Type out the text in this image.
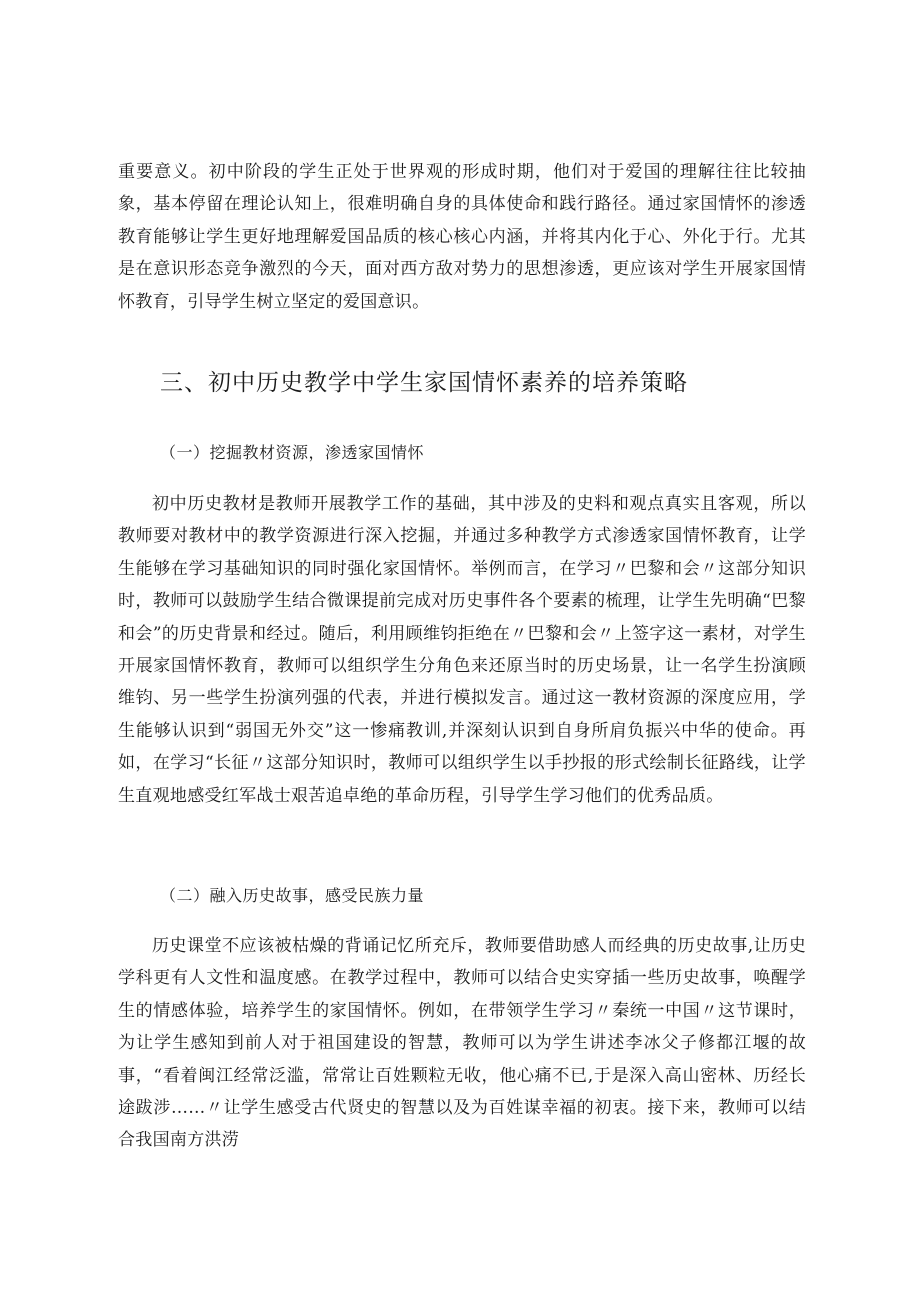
重要意义。初中阶段的学生正处于世界观的形成时期，他们对于爱国的理解往往比较抽象，基本停留在理论认知上，很难明确自身的具体使命和践行路径。通过家国情怀的渗透教育能够让学生更好地理解爱国品质的核心核心内涵，并将其内化于心、外化于行。尤其是在意识形态竞争激烈的今天，面对西方敌对势力的思想渗透，更应该对学生开展家国情怀教育，引导学生树立坚定的爱国意识。

三、初中历史教学中学生家国情怀素养的培养策略

（一）挖掘教材资源，渗透家国情怀

初中历史教材是教师开展教学工作的基础，其中涉及的史料和观点真实且客观，所以教师要对教材中的教学资源进行深入挖掘，并通过多种教学方式渗透家国情怀教育，让学生能够在学习基础知识的同时强化家国情怀。举例而言，在学习〃巴黎和会〃这部分知识时，教师可以鼓励学生结合微课提前完成对历史事件各个要素的梳理，让学生先明确“巴黎和会”的历史背景和经过。随后，利用顾维钧拒绝在〃巴黎和会〃上签字这一素材，对学生开展家国情怀教育，教师可以组织学生分角色来还原当时的历史场景，让一名学生扮演顾维钧、另一些学生扮演列强的代表，并进行模拟发言。通过这一教材资源的深度应用，学生能够认识到“弱国无外交”这一惨痛教训,并深刻认识到自身所肩负振兴中华的使命。再如，在学习“长征〃这部分知识时，教师可以组织学生以手抄报的形式绘制长征路线，让学生直观地感受红军战士艰苦追卓绝的革命历程，引导学生学习他们的优秀品质。

（二）融入历史故事，感受民族力量

历史课堂不应该被枯燥的背诵记忆所充斥，教师要借助感人而经典的历史故事,让历史学科更有人文性和温度感。在教学过程中，教师可以结合史实穿插一些历史故事，唤醒学生的情感体验，培养学生的家国情怀。例如，在带领学生学习〃秦统一中国〃这节课时，为让学生感知到前人对于祖国建设的智慧，教师可以为学生讲述李冰父子修都江堰的故事，“看着闽江经常泛滥，常常让百姓颗粒无收，他心痛不已,于是深入高山密林、历经长途跋涉……〃让学生感受古代贤史的智慧以及为百姓谋幸福的初衷。接下来，教师可以结合我国南方洪涝
